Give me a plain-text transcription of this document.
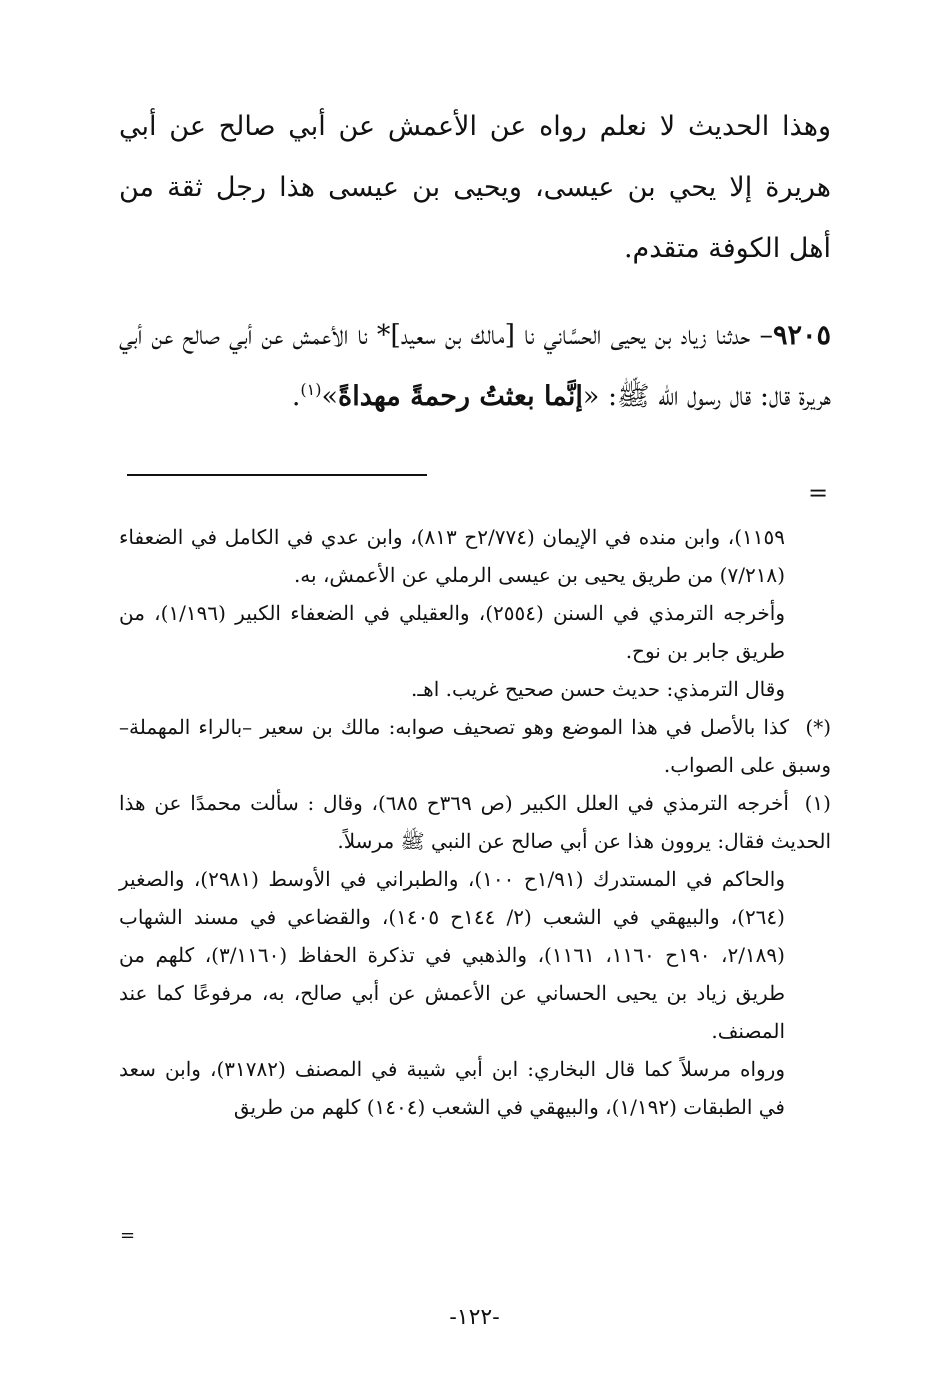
وهذا الحديث لا نعلم رواه عن الأعمش عن أبي صالح عن أبي هريرة إلا يحي بن عيسى، ويحيى بن عيسى هذا رجل ثقة من أهل الكوفة متقدم.

٩٢٠٥– حدثنا زياد بن يحيى الحسَّاني نا [مالك بن سعيد]* نا الأعمش عن أبي صالح عن أبي هريرة قال: قال رسول الله ﷺ: «إنَّما بعثتُ رحمةً مهداةً»$^{(١)}$.

=

١١٥٩)، وابن منده في الإيمان (٢/٧٧٤ح ٨١٣)، وابن عدي في الكامل في الضعفاء (٧/٢١٨) من طريق يحيى بن عيسى الرملي عن الأعمش، به.

وأخرجه الترمذي في السنن (٢٥٥٤)، والعقيلي في الضعفاء الكبير (١/١٩٦)، من طريق جابر بن نوح.

وقال الترمذي: حديث حسن صحيح غريب. اهـ.

(*)كذا بالأصل في هذا الموضع وهو تصحيف صوابه: مالك بن سعير –بالراء المهملة– وسبق على الصواب.

(١)أخرجه الترمذي في العلل الكبير (ص ٣٦٩ح ٦٨٥)، وقال : سألت محمدًا عن هذا الحديث فقال: يروون هذا عن أبي صالح عن النبي ﷺ مرسلاً.

والحاكم في المستدرك (١/٩١ح ١٠٠)، والطبراني في الأوسط (٢٩٨١)، والصغير (٢٦٤)، والبيهقي في الشعب (٢/ ١٤٤ح ١٤٠٥)، والقضاعي في مسند الشهاب (٢/١٨٩، ١٩٠ح ١١٦٠، ١١٦١)، والذهبي في تذكرة الحفاظ (٣/١١٦٠)، كلهم من طريق زياد بن يحيى الحساني عن الأعمش عن أبي صالح، به، مرفوعًا كما عند المصنف.

ورواه مرسلاً كما قال البخاري: ابن أبي شيبة في المصنف (٣١٧٨٢)، وابن سعد في الطبقات (١/١٩٢)، والبيهقي في الشعب (١٤٠٤) كلهم من طريق

=
-١٢٢-
